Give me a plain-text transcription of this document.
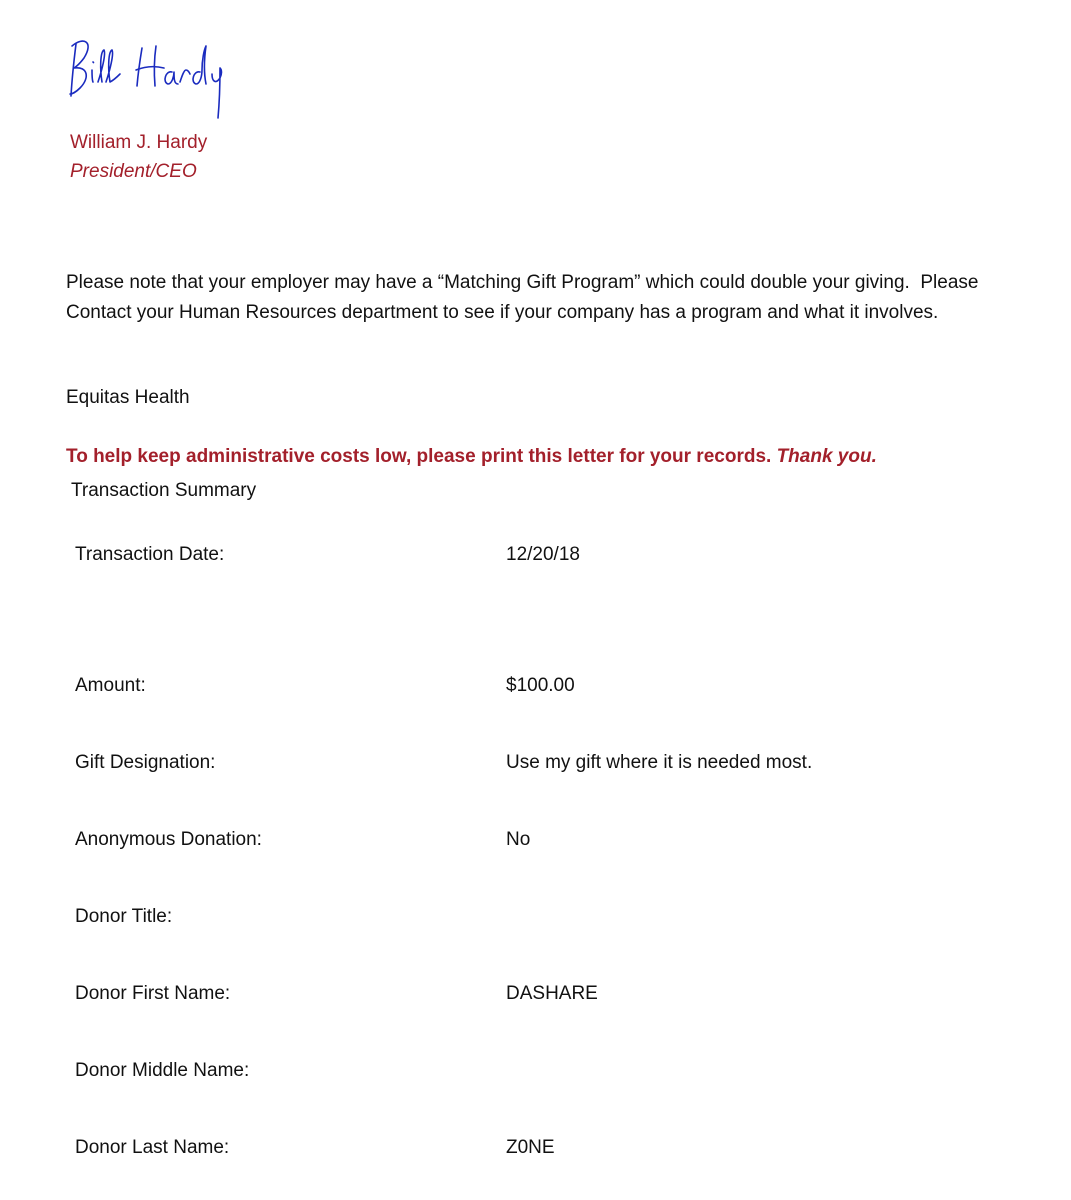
William J. Hardy
President/CEO

Please note that your employer may have a “Matching Gift Program” which could double your giving.  Please

Contact your Human Resources department to see if your company has a program and what it involves.

Equitas Health
To help keep administrative costs low, please print this letter for your records. Thank you.
Transaction Summary
Transaction Date:	12/20/18
Amount:	$100.00
Gift Designation:	Use my gift where it is needed most.
Anonymous Donation:	No
Donor Title:
Donor First Name:	DASHARE
Donor Middle Name:
Donor Last Name:	Z0NE
